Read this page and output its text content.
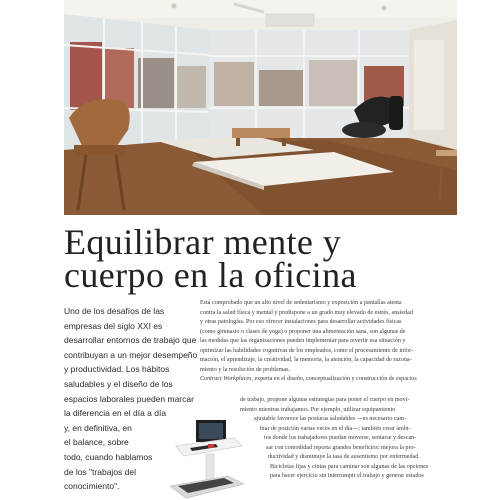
Equilibrar mente y
cuerpo en la oficina

Uno de los desafíos de las
empresas del siglo XXI es
desarrollar entornos de trabajo que
contribuyan a un mejor desempeño
y productividad. Los hábitos
saludables y el diseño de los
espacios laborales pueden marcar
la diferencia en el día a día
y, en definitiva, en
el balance, sobre
todo, cuando hablamos
de los "trabajos del
conocimiento".

Está comprobado que un alto nivel de sedentarismo y exposición a pantallas atenta
contra la salud física y mental y predispone a un grado muy elevado de estrés, ansiedad
y otras patologías. Por eso ofrecer instalaciones para desarrollar actividades físicas
(como gimnasio o clases de yoga) o proponer una alimentación sana, son algunas de
las medidas que las organizaciones pueden implementar para revertir esa situación y
optimizar las habilidades cognitivas de los empleados, como el procesamiento de infor-
mación, el aprendizaje, la creatividad, la memoria, la atención, la capacidad de razona-
miento y la resolución de problemas.
Contract Workplaces, experta en el diseño, conceptualización y construcción de espacios

de trabajo, propone algunas estrategias para poner el cuerpo en movi-
miento mientras trabajamos. Por ejemplo, utilizar equipamiento
ajustable favorece las posturas saludables —es necesario cam-
biar de posición varias veces en el día—; también crear ámbi-
tos donde los trabajadores puedan moverse, sentarse y descan-
sar con comodidad reporta grandes beneficios: mejora la pro-
ductividad y disminuye la tasa de ausentismo por enfermedad.
Bicicletas fijas y cintas para caminar son algunas de las opciones
para hacer ejercicio sin interrumpir el trabajo y generar estados
